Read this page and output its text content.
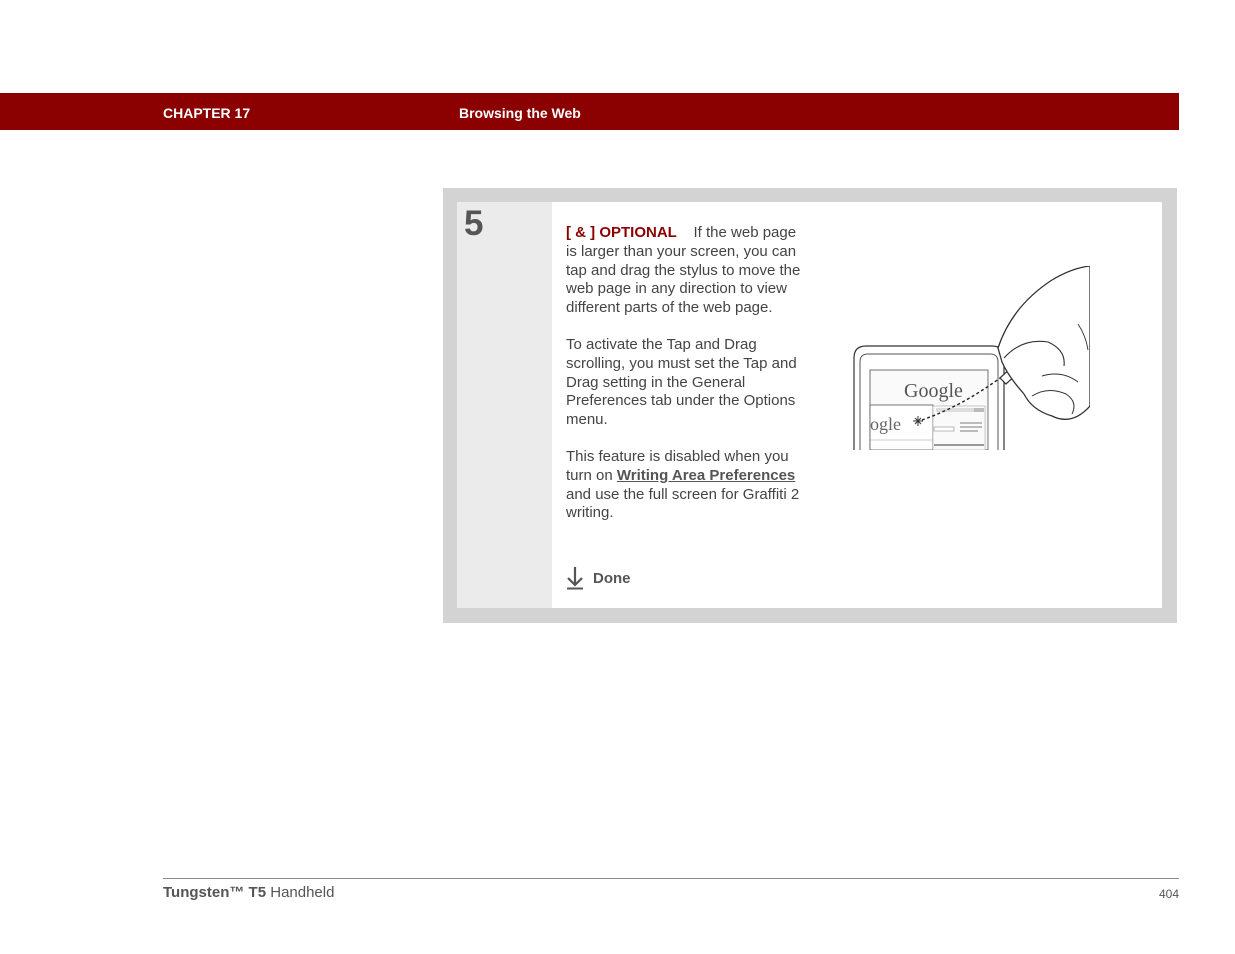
CHAPTER 17	Browsing the Web
5	[ & ] OPTIONAL If the web page is larger than your screen, you can tap and drag the stylus to move the web page in any direction to view different parts of the web page.

To activate the Tap and Drag scrolling, you must set the Tap and Drag setting in the General Preferences tab under the Options menu.

This feature is disabled when you turn on Writing Area Preferences and use the full screen for Graffiti 2 writing.

Done
Google
ogle
Tungsten™ T5 Handheld	404
